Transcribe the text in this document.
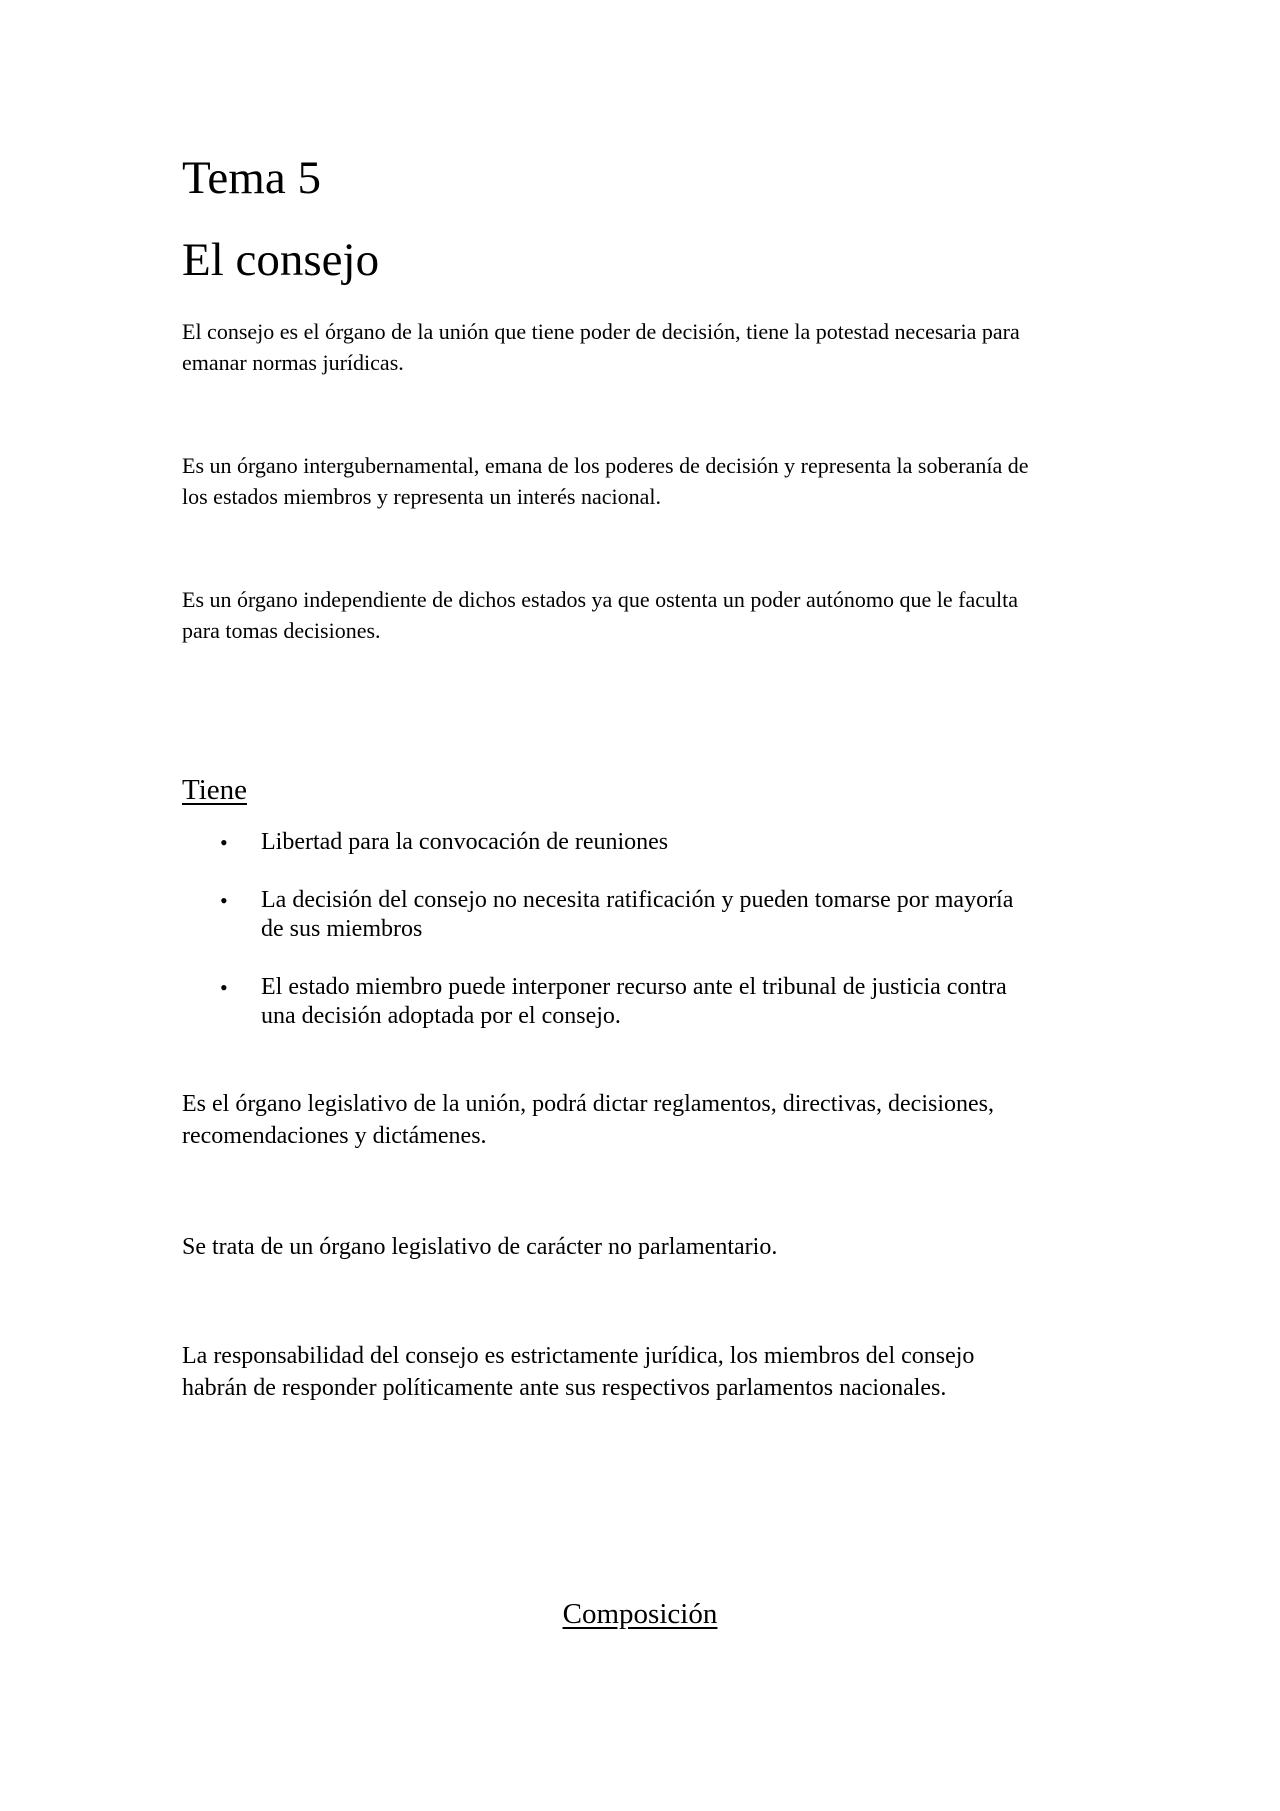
Tema 5
El consejo

El consejo es el órgano de la unión que tiene poder de decisión, tiene la potestad necesaria para
emanar normas jurídicas.

Es un órgano intergubernamental, emana de los poderes de decisión y representa la soberanía de
los estados miembros y representa un interés nacional.

Es un órgano independiente de dichos estados ya que ostenta un poder autónomo que le faculta
para tomas decisiones.

Tiene
•	Libertad para la convocación de reuniones
•	La decisión del consejo no necesita ratificación y pueden tomarse por mayoría
de sus miembros
•	El estado miembro puede interponer recurso ante el tribunal de justicia contra
una decisión adoptada por el consejo.

Es el órgano legislativo de la unión, podrá dictar reglamentos, directivas, decisiones,
recomendaciones y dictámenes.

Se trata de un órgano legislativo de carácter no parlamentario.

La responsabilidad del consejo es estrictamente jurídica, los miembros del consejo
habrán de responder políticamente ante sus respectivos parlamentos nacionales.

Composición
